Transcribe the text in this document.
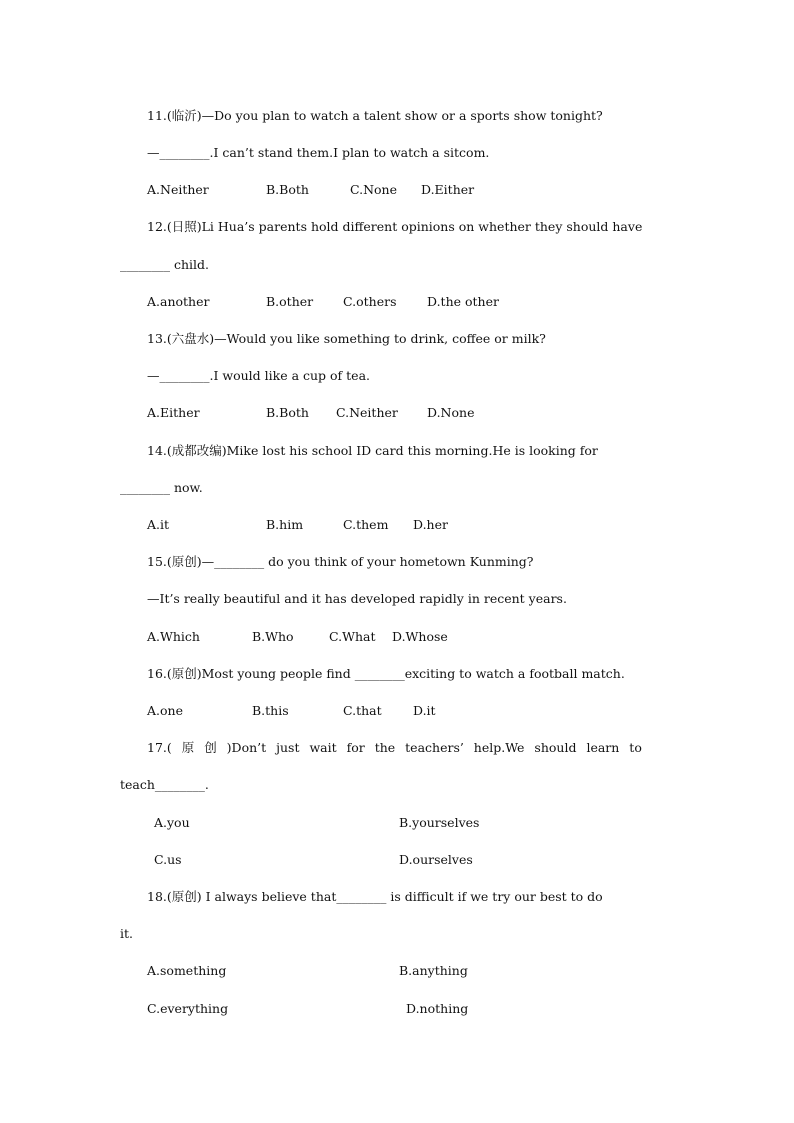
11.(临沂)—Do you plan to watch a talent show or a sports show tonight?
—________.I can’t stand them.I plan to watch a sitcom.
A.Neither	B.Both	C.None D.Either
12.(日照)Li Hua’s parents hold different opinions on whether they should have
________ child.
A.another	B.other C.others D.the other
13.(六盘水)—Would you like something to drink, coffee or milk?
—________.I would like a cup of tea.
A.Either	B.Both C.Neither D.None
14.(成都改编)Mike lost his school ID card this morning.He is looking for
________ now.
A.it	B.him	C.them D.her
15.(原创)—________ do you think of your hometown Kunming?
—It’s really beautiful and it has developed rapidly in recent years.
A.Which	B.Who	C.What D.Whose
16.(原创)Most young people find ________exciting to watch a football match.
A.one	B.this	C.that	D.it
17.( 原 创 )Don’t just wait for the teachers’ help.We should learn to
teach________.
A.you	B.yourselves
C.us	D.ourselves
18.(原创) I always believe that________ is difficult if we try our best to do
it.
A.something	B.anything
C.everything	D.nothing
